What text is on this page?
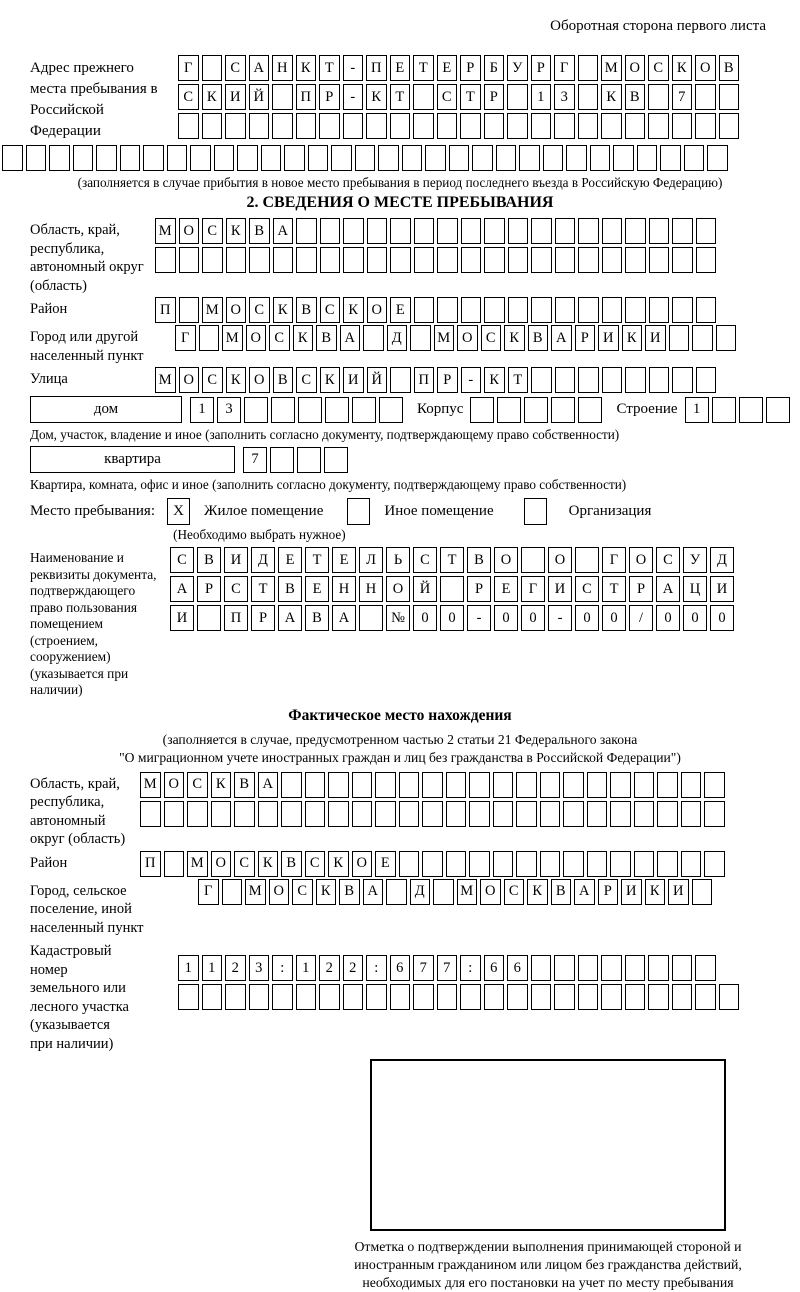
Оборотная сторона первого листа
Адрес прежнего места пребывания в Российской Федерации
Г	С А Н К Т	-	П Е	Т	Е	Р	Б У Р	Г	М О С К О В
С К И Й	П Р	-	К Т	С Т	Р	1	3	К В	7
(заполняется в случае прибытия в новое место пребывания в период последнего въезда в Российскую Федерацию)
2. СВЕДЕНИЯ О МЕСТЕ ПРЕБЫВАНИЯ
Область, край, республика, автономный округ (область)
М О С К В А
Район	П	М О С К В С К О Е
Город или другой населенный пункт
Г	М О С К В А	Д	М О С К В А Р И К И
Улица	М О С К О В С К И Й	П Р	-	К Т
дом	1	3	Корпус	Строение	1
Дом, участок, владение и иное (заполнить согласно документу, подтверждающему право собственности)
квартира	7
Квартира, комната, офис и иное (заполнить согласно документу, подтверждающему право собственности)
Место пребывания:	X	Жилое помещение	Иное помещение	Организация
(Необходимо выбрать нужное)
Наименование и реквизиты документа, подтверждающего право пользования помещением (строением, сооружением) (указывается при наличии)
С	В	И	Д	Е	Т	Е	Л	Ь	С	Т	В	О	О	Г	О	С	У	Д
А	Р	С	Т	В	Е	Н	Н	О	Й	Р	Е	Г	И	С	Т	Р	А	Ц	И
И	П	Р	А	В	А	№	0	0	-	0	0	-	0	0	/	0	0	0
Фактическое место нахождения
(заполняется в случае, предусмотренном частью 2 статьи 21 Федерального закона
"О миграционном учете иностранных граждан и лиц без гражданства в Российской Федерации")
Область, край, республика, автономный округ (область)
М О С К В А
Район	П	М О С К В С К О Е
Город, сельское поселение, иной населенный пункт
Г	М О С К В А	Д	М О С К В А Р И К И
Кадастровый номер земельного или лесного участка (указывается при наличии)
1	1	2	3	:	1	2	2	:	6	7	7	:	6	6
Отметка о подтверждении выполнения принимающей стороной и иностранным гражданином или лицом без гражданства действий, необходимых для его постановки на учет по месту пребывания
